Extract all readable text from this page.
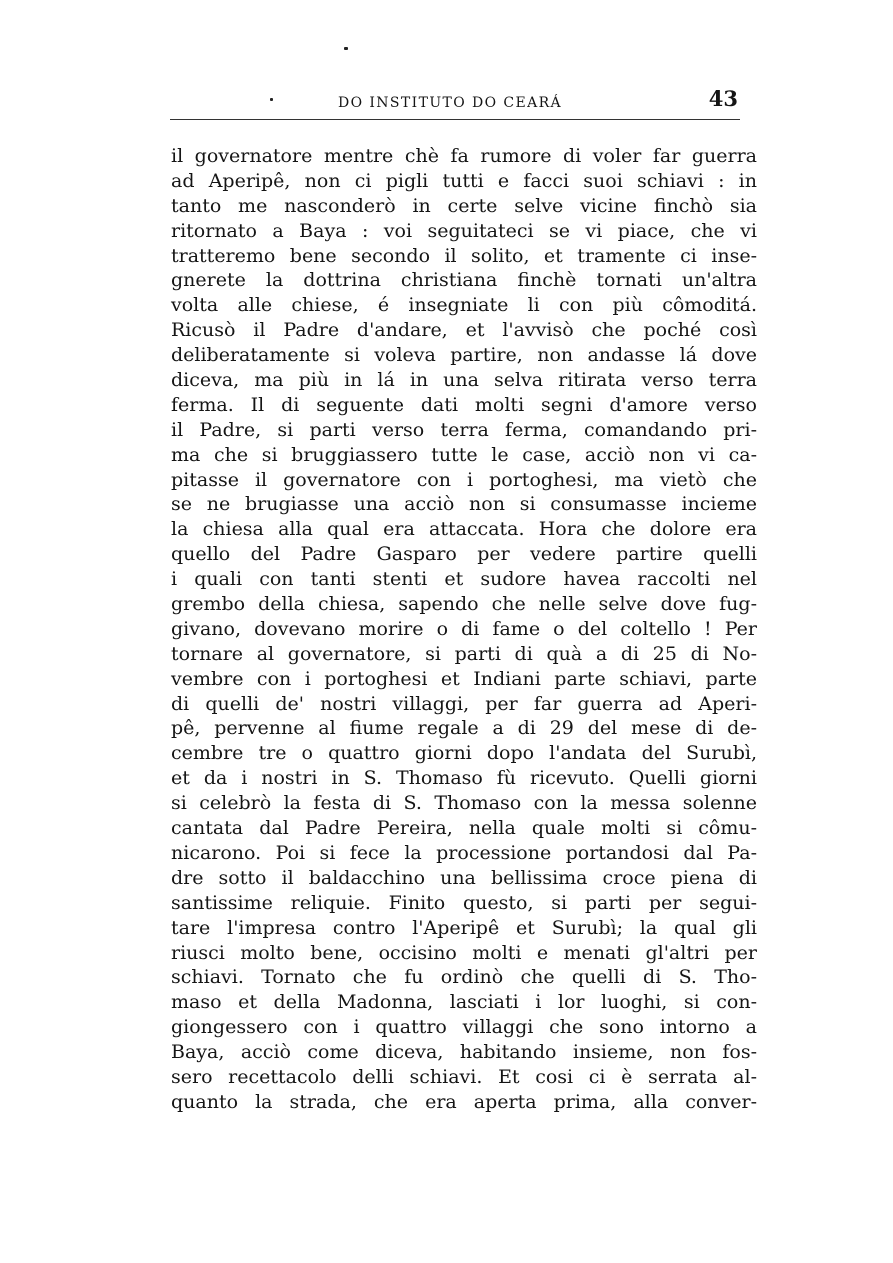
DO INSTITUTO DO CEARÁ	43
il governatore mentre chè fa rumore di voler far guerra
ad Aperipê, non ci pigli tutti e facci suoi schiavi : in
tanto me nasconderò in certe selve vicine finchò sia
ritornato a Baya : voi seguitateci se vi piace, che vi
tratteremo bene secondo il solito, et tramente ci inse-
gnerete la dottrina christiana finchè tornati un'altra
volta alle chiese, é insegniate li con più cômoditá.
Ricusò il Padre d'andare, et l'avvisò che poché così
deliberatamente si voleva partire, non andasse lá dove
diceva, ma più in lá in una selva ritirata verso terra
ferma. Il di seguente dati molti segni d'amore verso
il Padre, si parti verso terra ferma, comandando pri-
ma che si bruggiassero tutte le case, acciò non vi ca-
pitasse il governatore con i portoghesi, ma vietò che
se ne brugiasse una acciò non si consumasse incieme
la chiesa alla qual era attaccata. Hora che dolore era
quello del Padre Gasparo per vedere partire quelli
i quali con tanti stenti et sudore havea raccolti nel
grembo della chiesa, sapendo che nelle selve dove fug-
givano, dovevano morire o di fame o del coltello ! Per
tornare al governatore, si parti di quà a di 25 di No-
vembre con i portoghesi et Indiani parte schiavi, parte
di quelli de' nostri villaggi, per far guerra ad Aperi-
pê, pervenne al fiume regale a di 29 del mese di de-
cembre tre o quattro giorni dopo l'andata del Surubì,
et da i nostri in S. Thomaso fù ricevuto. Quelli giorni
si celebrò la festa di S. Thomaso con la messa solenne
cantata dal Padre Pereira, nella quale molti si cômu-
nicarono. Poi si fece la processione portandosi dal Pa-
dre sotto il baldacchino una bellissima croce piena di
santissime reliquie. Finito questo, si parti per segui-
tare l'impresa contro l'Aperipê et Surubì; la qual gli
riusci molto bene, occisino molti e menati gl'altri per
schiavi. Tornato che fu ordinò che quelli di S. Tho-
maso et della Madonna, lasciati i lor luoghi, si con-
giongessero con i quattro villaggi che sono intorno a
Baya, acciò come diceva, habitando insieme, non fos-
sero recettacolo delli schiavi. Et cosi ci è serrata al-
quanto la strada, che era aperta prima, alla conver-
